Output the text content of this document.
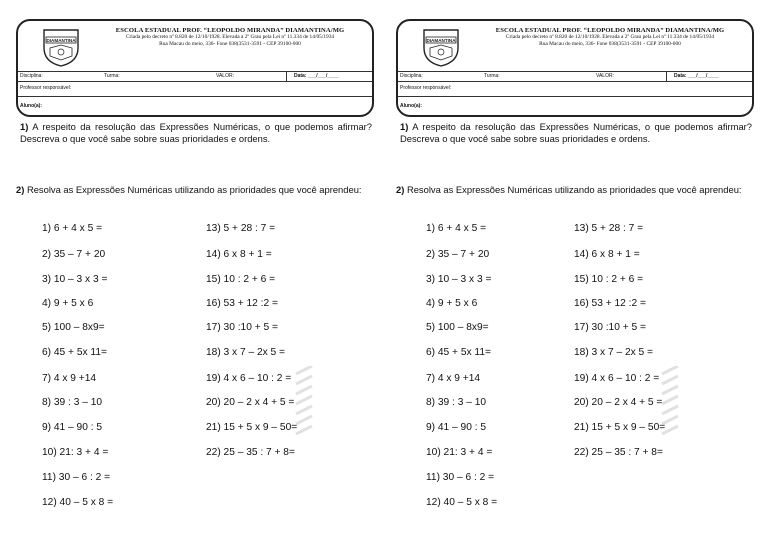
DIAMANTINA
ESCOLA ESTADUAL PROF. “LEOPOLDO MIRANDA” DIAMANTINA/MG
Criada pelo decreto nº 8.820 de 12/10/1928. Elevada a 2º Grau pela Lei nº 11.334 de 14/05/1934
Rua Macau do meio, 336- Fone 038(3531-3591 - CEP 39100-000
Disciplina:	Turma:	VALOR:	Data: ___/___/____
Professor responsável:
Aluno(a):
1) A respeito da resolução das Expressões Numéricas, o que podemos afirmar? Descreva o que você sabe sobre suas prioridades e ordens.
2) Resolva as Expressões Numéricas utilizando as prioridades que você aprendeu:
1) 6 + 4 x 5 =
2) 35 – 7 + 20
3) 10 – 3 x 3 =
4) 9 + 5 x 6
5) 100 – 8x9=
6) 45 + 5x 11=
7) 4 x 9 +14
8) 39 : 3 – 10
9) 41 – 90 : 5
10) 21: 3 + 4 =
11) 30 – 6 : 2 =
12) 40 – 5 x 8 =
13) 5 + 28 : 7 =
14) 6 x 8 + 1 =
15) 10 : 2 + 6 =
16) 53 + 12 :2 =
17) 30 :10 + 5 =
18) 3 x 7 – 2x 5 =
19) 4 x 6 – 10 : 2 =
20) 20 – 2 x 4 + 5 =
21) 15 + 5 x 9 – 50=
22) 25 – 35 : 7 + 8=
DIAMANTINA
ESCOLA ESTADUAL PROF. “LEOPOLDO MIRANDA” DIAMANTINA/MG
Criada pelo decreto nº 8.820 de 12/10/1928. Elevada a 2º Grau pela Lei nº 11.334 de 14/05/1934
Rua Macau do meio, 336- Fone 038(3531-3591 - CEP 39100-000
Disciplina:	Turma:	VALOR:	Data: ___/___/____
Professor responsável:
Aluno(a):
1) A respeito da resolução das Expressões Numéricas, o que podemos afirmar? Descreva o que você sabe sobre suas prioridades e ordens.
2) Resolva as Expressões Numéricas utilizando as prioridades que você aprendeu:
1) 6 + 4 x 5 =
2) 35 – 7 + 20
3) 10 – 3 x 3 =
4) 9 + 5 x 6
5) 100 – 8x9=
6) 45 + 5x 11=
7) 4 x 9 +14
8) 39 : 3 – 10
9) 41 – 90 : 5
10) 21: 3 + 4 =
11) 30 – 6 : 2 =
12) 40 – 5 x 8 =
13) 5 + 28 : 7 =
14) 6 x 8 + 1 =
15) 10 : 2 + 6 =
16) 53 + 12 :2 =
17) 30 :10 + 5 =
18) 3 x 7 – 2x 5 =
19) 4 x 6 – 10 : 2 =
20) 20 – 2 x 4 + 5 =
21) 15 + 5 x 9 – 50=
22) 25 – 35 : 7 + 8=
